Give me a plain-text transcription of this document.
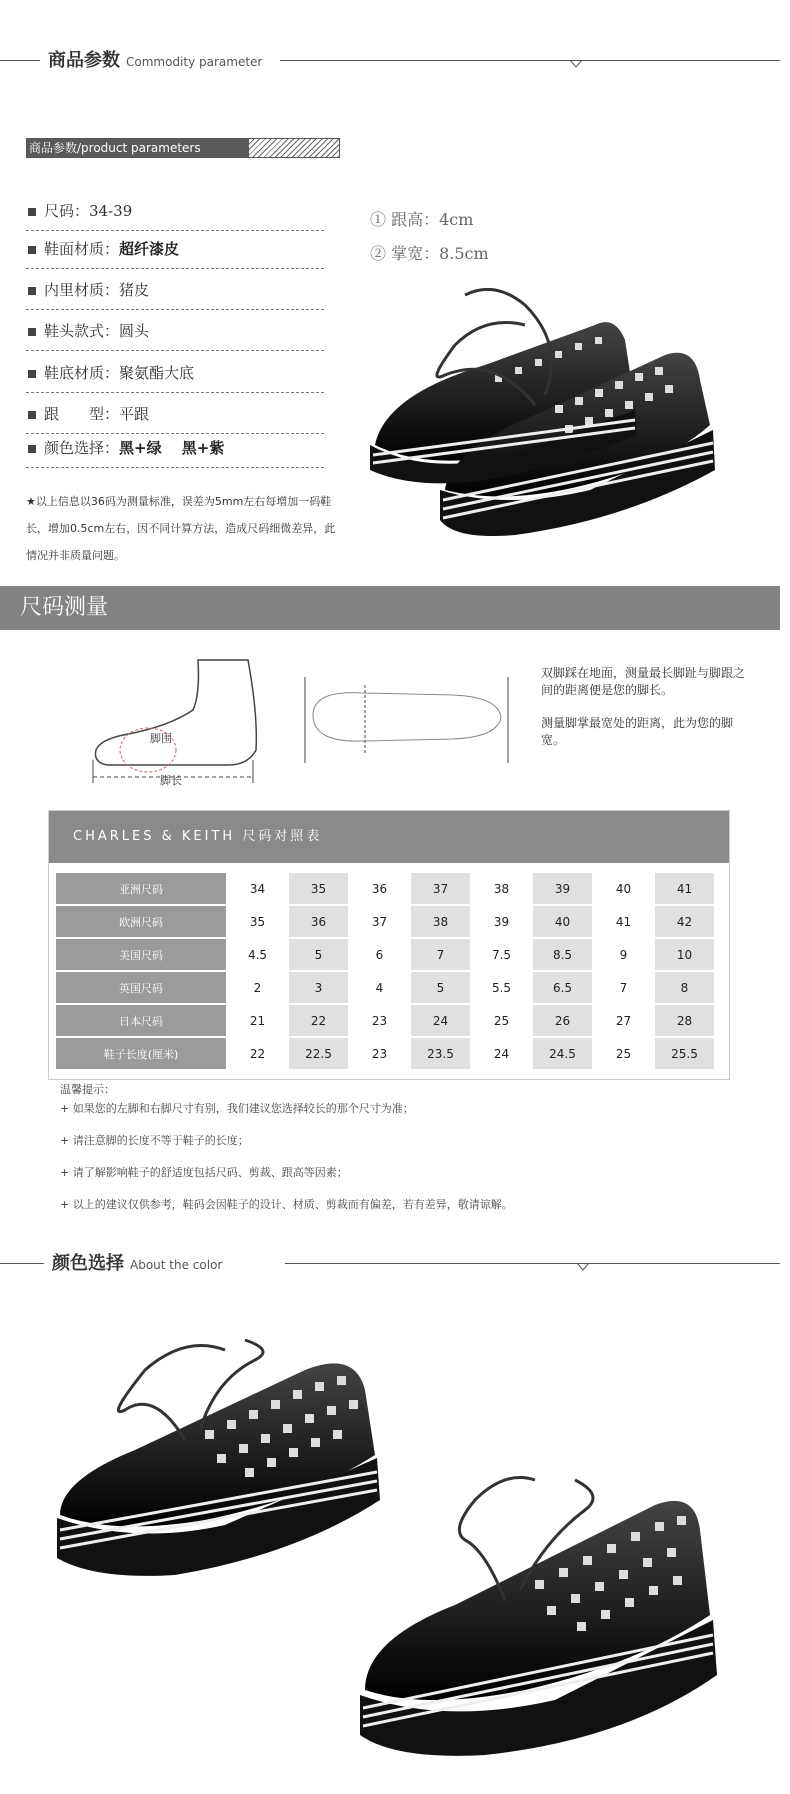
商品参数 Commodity parameter
商品参数/product parameters
尺码：34-39
鞋面材质：超纤漆皮
内里材质：猪皮
鞋头款式：圆头
鞋底材质：聚氨酯大底
跟　　型：平跟
颜色选择：黑+绿　 黑+紫
① 跟高：4cm
② 掌宽：8.5cm
★以上信息以36码为测量标准，误差为5mm左右每增加一码鞋长，增加0.5cm左右，因不同计算方法，造成尺码细微差异，此情况并非质量问题。
尺码测量
脚围
脚长
双脚踩在地面，测量最长脚趾与脚跟之间的距离便是您的脚长。
测量脚掌最宽处的距离，此为您的脚宽。
CHARLES & KEITH 尺码对照表
亚洲尺码	34	35	36	37	38	39	40	41
欧洲尺码	35	36	37	38	39	40	41	42
美国尺码	4.5	5	6	7	7.5	8.5	9	10
英国尺码	2	3	4	5	5.5	6.5	7	8
日本尺码	21	22	23	24	25	26	27	28
鞋子长度(厘米)	22	22.5	23	23.5	24	24.5	25	25.5
温馨提示：
+ 如果您的左脚和右脚尺寸有别，我们建议您选择较长的那个尺寸为准；
+ 请注意脚的长度不等于鞋子的长度；
+ 请了解影响鞋子的舒适度包括尺码、剪裁、跟高等因素；
+ 以上的建议仅供参考，鞋码会因鞋子的设计、材质、剪裁而有偏差，若有差异，敬请谅解。
颜色选择 About the color
